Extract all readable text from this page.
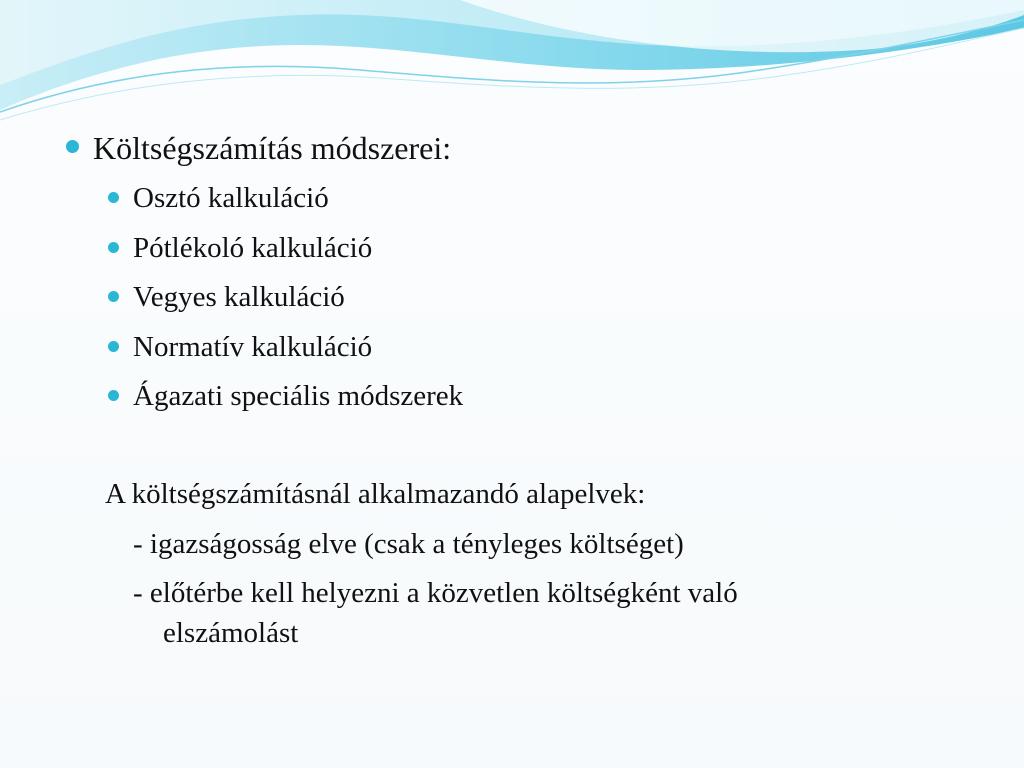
Költségszámítás módszerei:
Osztó kalkuláció
Pótlékoló kalkuláció
Vegyes kalkuláció
Normatív kalkuláció
Ágazati speciális módszerek
A költségszámításnál alkalmazandó alapelvek:
- igazságosság elve (csak a tényleges költséget)
- előtérbe kell helyezni a közvetlen költségként való
elszámolást
